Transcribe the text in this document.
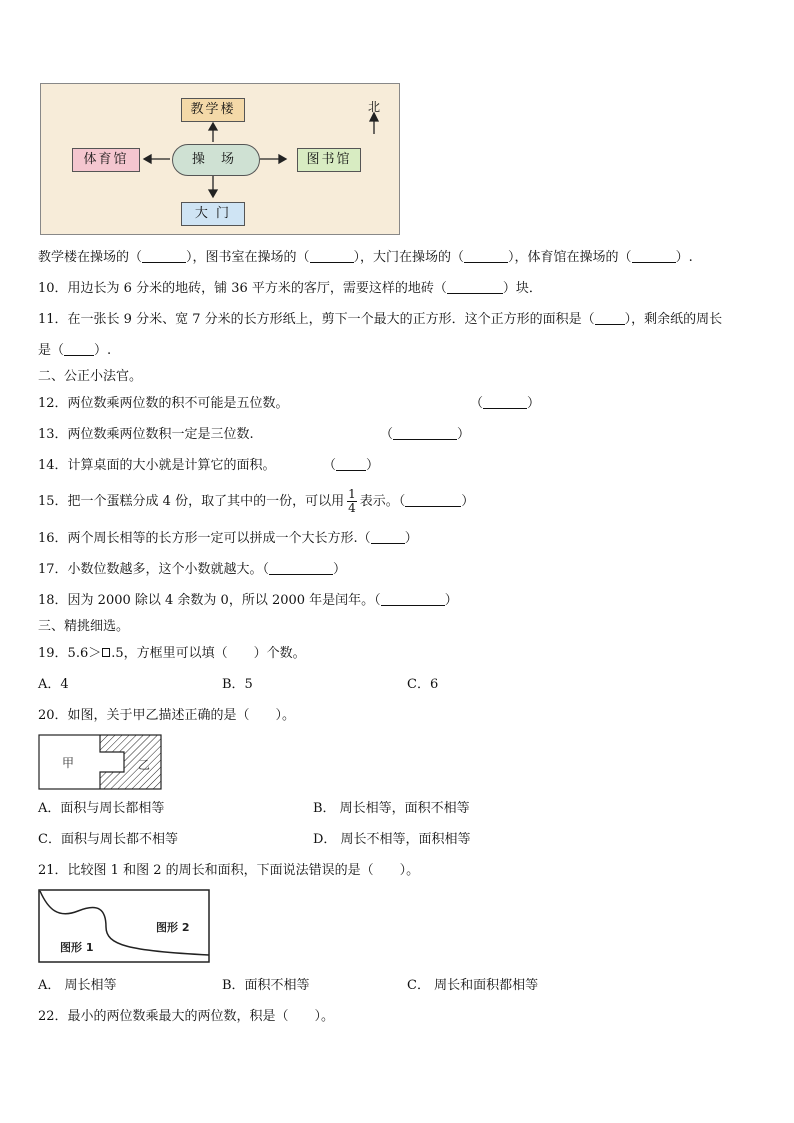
教学楼
体育馆	操 场	图书馆
大 门
北
教学楼在操场的（	），图书室在操场的（	），大门在操场的（	），体育馆在操场的（	）.
10．用边长为 6 分米的地砖，铺 36 平方米的客厅，需要这样的地砖（	）块．
11．在一张长 9 分米、宽 7 分米的长方形纸上，剪下一个最大的正方形．这个正方形的面积是（ ），剩余纸的周长
是（ ）.
二、公正小法官。
12．两位数乘两位数的积不可能是五位数。	（	）
13．两位数乘两位数积一定是三位数.	（	）
14．计算桌面的大小就是计算它的面积。	（ ）
15．把一个蛋糕分成 4 份，取了其中的一份，可以用 $\frac{1}{4}$ 表示。（	）
16．两个周长相等的长方形一定可以拼成一个大长方形.（	）
17．小数位数越多，这个小数就越大。（	）
18．因为 2000 除以 4 余数为 0，所以 2000 年是闰年。（	）
三、精挑细选。
19．5.6＞ .5，方框里可以填（　　）个数。
A．4	B．5	C．6
20．如图，关于甲乙描述正确的是（　　）。
甲	乙
A．面积与周长都相等	B． 周长相等，面积不相等
C．面积与周长都不相等	D． 周长不相等，面积相等
21．比较图 1 和图 2 的周长和面积，下面说法错误的是（　　）。
图形 2
图形 1
A． 周长相等	B．面积不相等	C． 周长和面积都相等
22．最小的两位数乘最大的两位数，积是（　　）。
